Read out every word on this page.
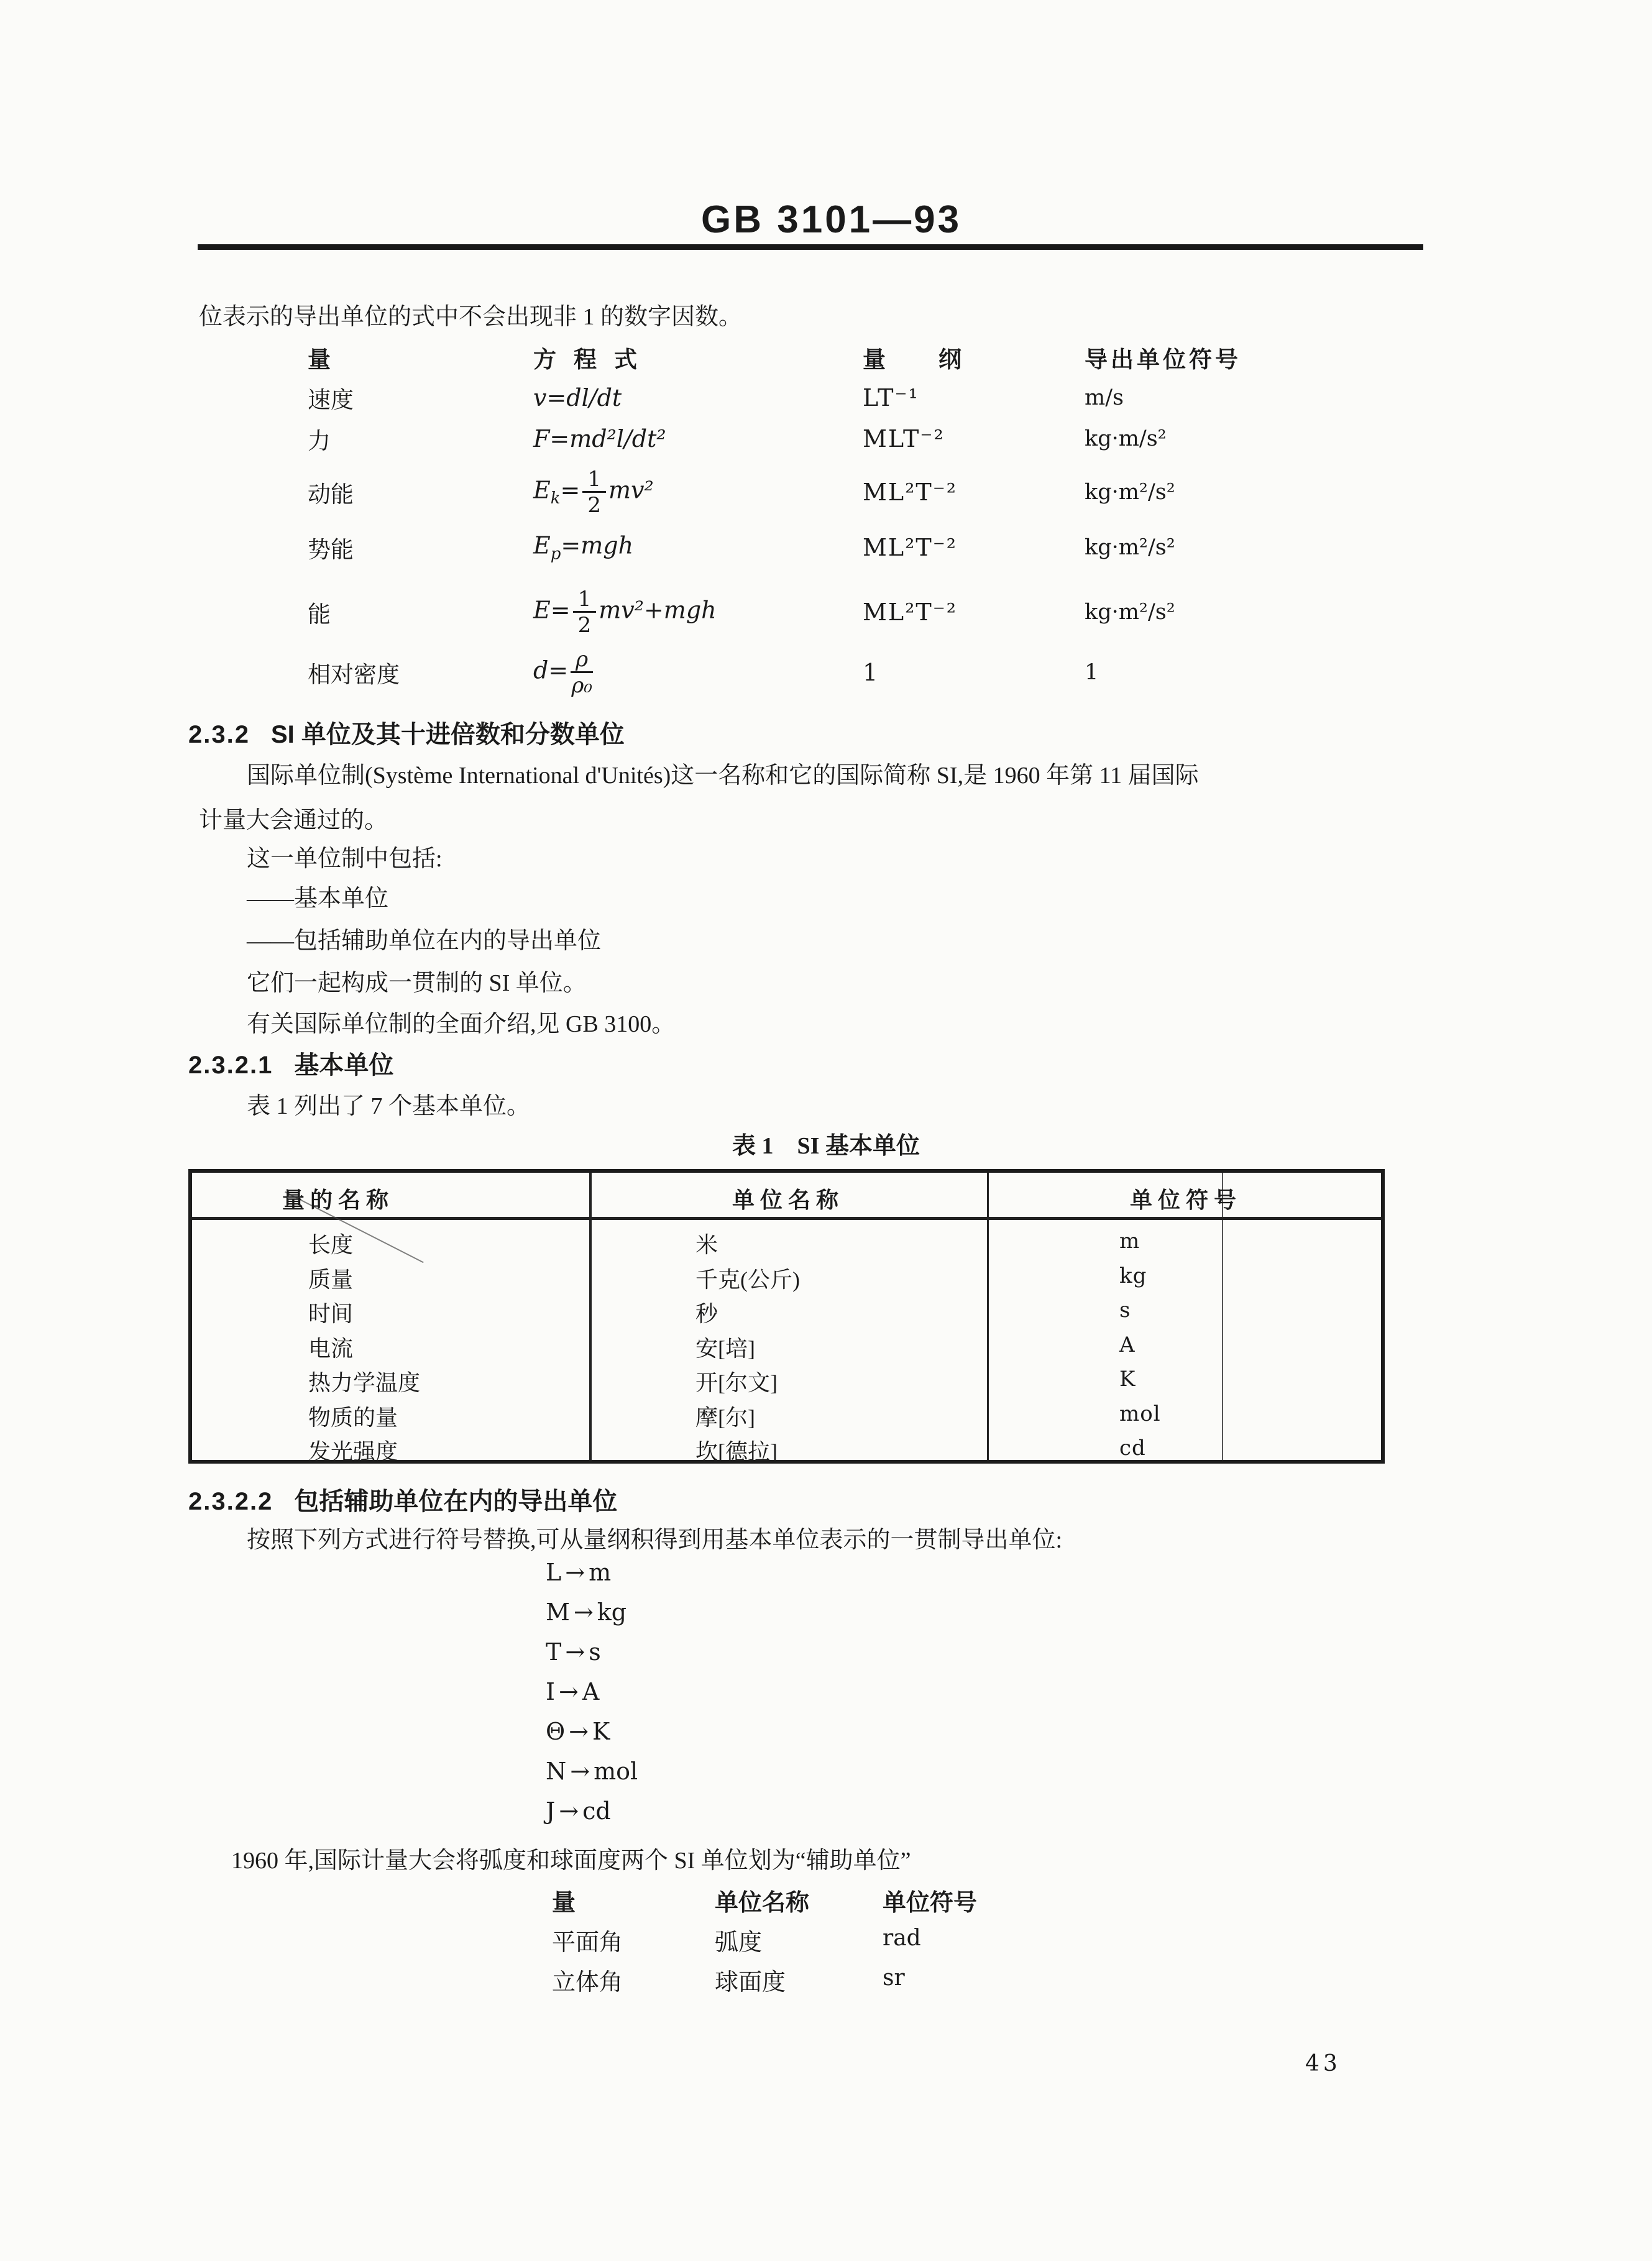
GB 3101—93
位表示的导出单位的式中不会出现非 1 的数字因数。
量	方程式	量纲	导出单位符号
速度	v=dl/dt	LT⁻¹	m/s
力	F=md²l/dt²	MLT⁻²	kg·m/s²
动能	$E_k= \frac{1}{2} mv^2$	ML²T⁻²	kg·m²/s²
势能	$E_p=mgh$	ML²T⁻²	kg·m²/s²
能	$E= \frac{1}{2} mv^2+mgh$	ML²T⁻²	kg·m²/s²
相对密度	$d= \frac{\rho}{\text{ρ₀}}$	1	1
2.3.2 SI 单位及其十进倍数和分数单位
国际单位制(Système International d'Unités)这一名称和它的国际简称 SI,是 1960 年第 11 届国际
计量大会通过的。
这一单位制中包括:
——基本单位
——包括辅助单位在内的导出单位
它们一起构成一贯制的 SI 单位。
有关国际单位制的全面介绍,见 GB 3100。
2.3.2.1 基本单位
表 1 列出了 7 个基本单位。
表 1　SI 基本单位
量的名称	单位名称	单位符号
长度	米	m
质量	千克(公斤)	kg
时间	秒	s
电流	安[培]	A
热力学温度	开[尔文]	K
物质的量	摩[尔]	mol
发光强度	坎[德拉]	cd
2.3.2.2 包括辅助单位在内的导出单位
按照下列方式进行符号替换,可从量纲积得到用基本单位表示的一贯制导出单位:
L → m
M → kg
T → s
I → A
Θ → K
N → mol
J → cd
1960 年,国际计量大会将弧度和球面度两个 SI 单位划为“辅助单位”
量	单位名称	单位符号
平面角	弧度	rad
立体角	球面度	sr
43
